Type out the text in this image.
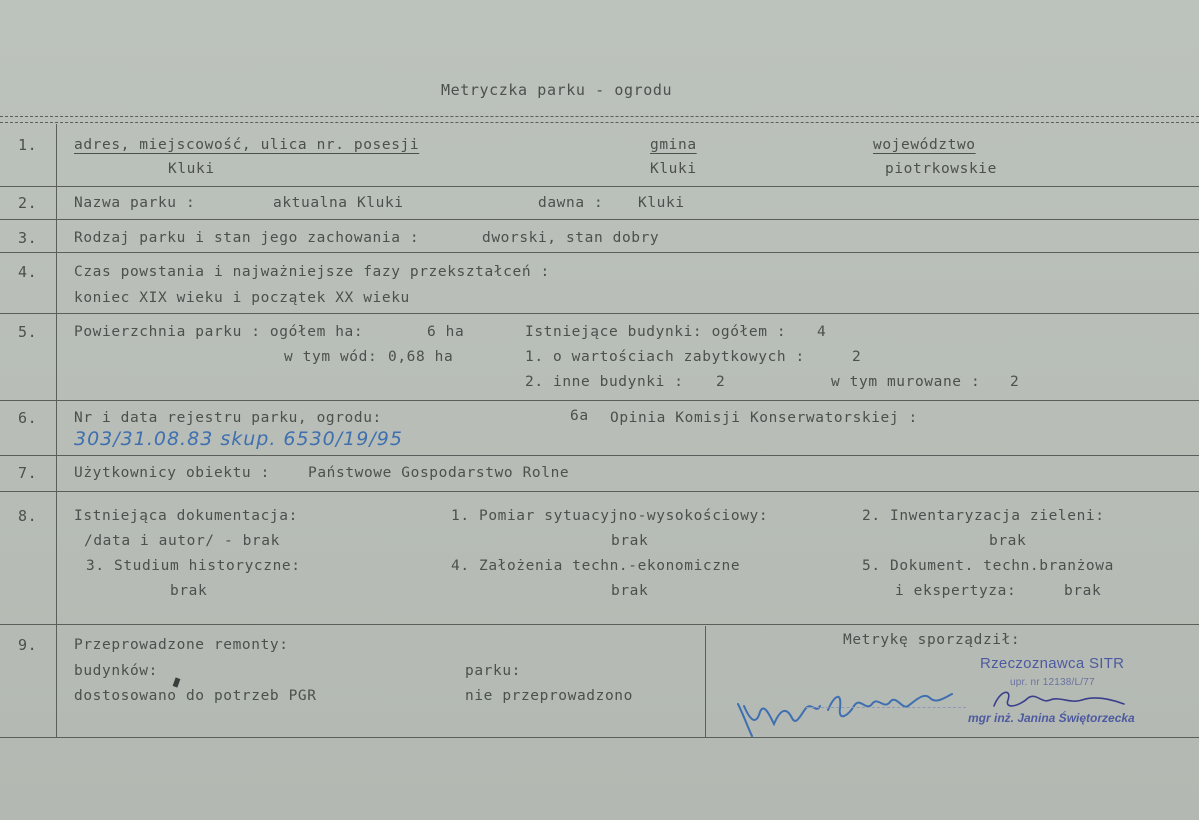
Metryczka parku - ogrodu
1.	adres, miejscowość, ulica nr. posesji
Kluki
gmina
Kluki
województwo
piotrkowskie
2.	Nazwa parku :	aktualna Kluki	dawna : Kluki
3.	Rodzaj parku i stan jego zachowania :	dworski, stan dobry
4.	Czas powstania i najważniejsze fazy przekształceń :
koniec XIX wieku i początek XX wieku
5.	Powierzchnia parku : ogółem ha:	6 ha
w tym wód: 0,68 ha
Istniejące budynki: ogółem : 4
1. o wartościach zabytkowych :	2
2. inne budynki : 2	w tym murowane : 2
6.	Nr i data rejestru parku, ogrodu:
303/31.08.83 skup. 6530/19/95
6a Opinia Komisji Konserwatorskiej :
7.	Użytkownicy obiektu :	Państwowe Gospodarstwo Rolne
8.	Istniejąca dokumentacja:
/data i autor/ - brak
1. Pomiar sytuacyjno-wysokościowy:
brak
2. Inwentaryzacja zieleni:
brak
3. Studium historyczne:
brak
4. Założenia techn.-ekonomiczne
brak
5. Dokument. techn.branżowa
i ekspertyza:	brak
9.	Przeprowadzone remonty:
budynków:
dostosowano do potrzeb PGR
parku:
nie przeprowadzono
Metrykę sporządził:
Rzeczoznawca SITR
upr. nr 12138/L/77
mgr inż. Janina Świętorzecka
